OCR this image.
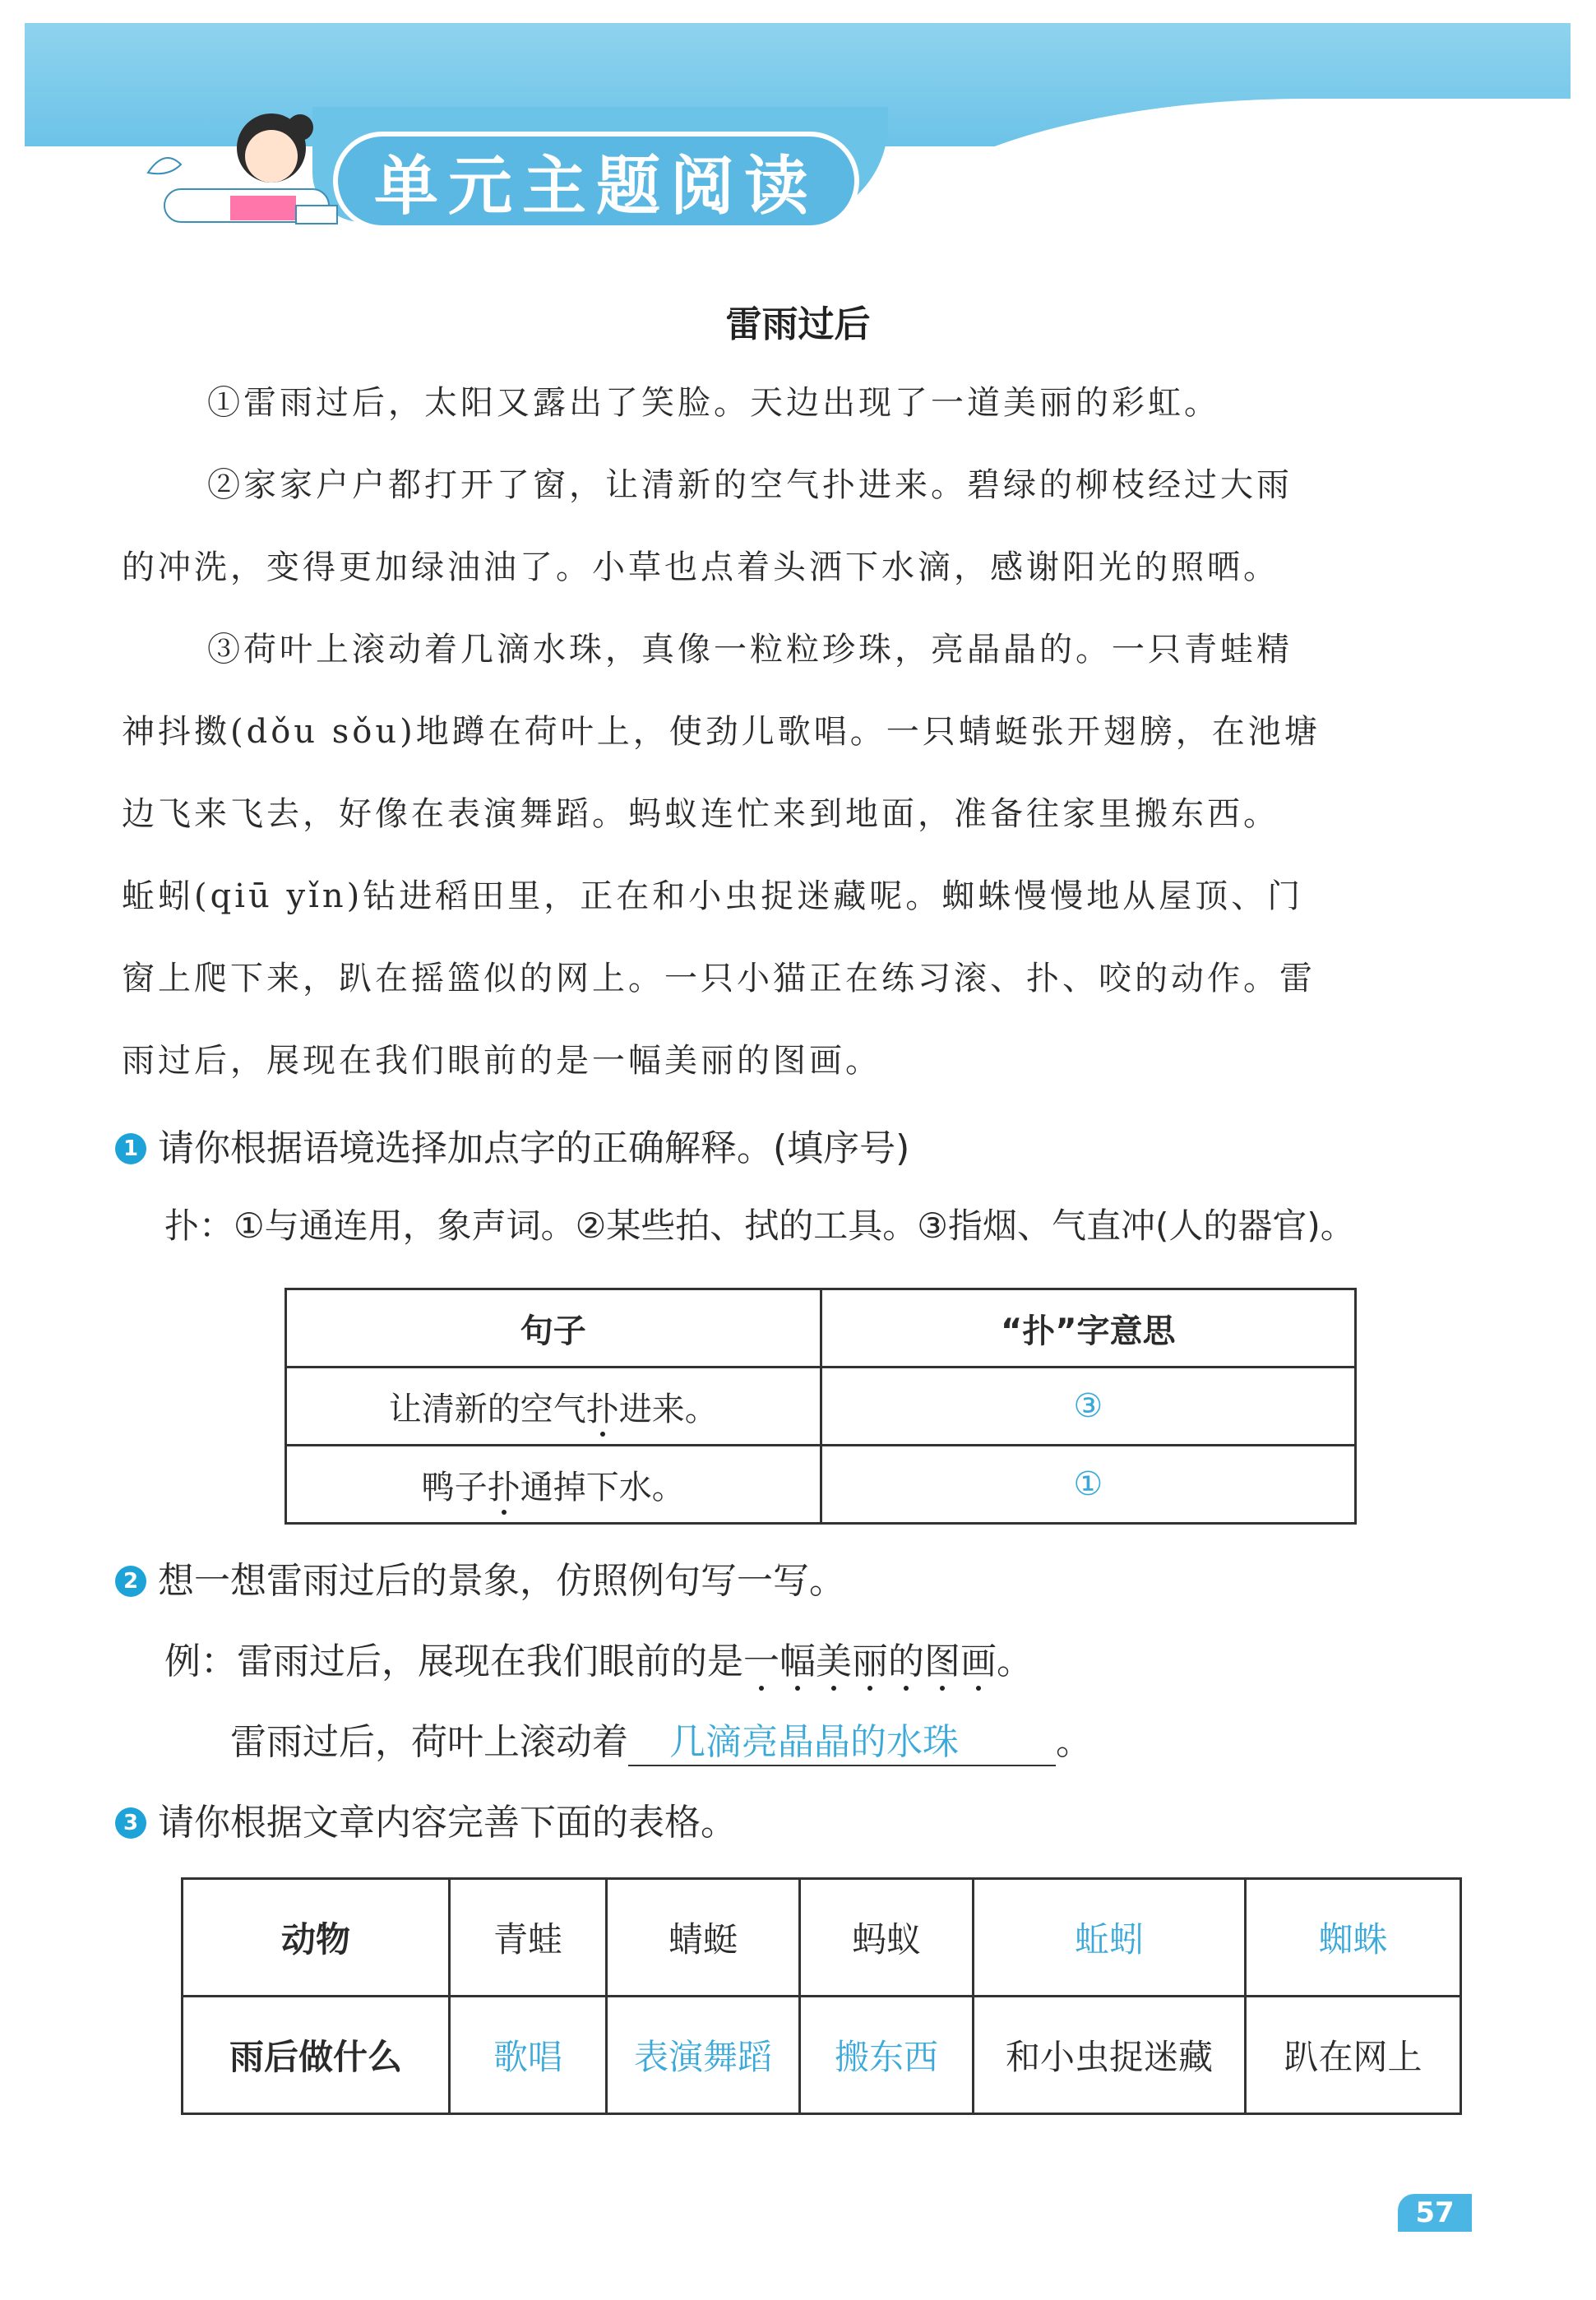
单元主题阅读
雷雨过后
①雷雨过后，太阳又露出了笑脸。天边出现了一道美丽的彩虹。
②家家户户都打开了窗，让清新的空气扑进来。碧绿的柳枝经过大雨
的冲洗，变得更加绿油油了。小草也点着头洒下水滴，感谢阳光的照晒。
③荷叶上滚动着几滴水珠，真像一粒粒珍珠，亮晶晶的。一只青蛙精
神抖擞(dǒu sǒu)地蹲在荷叶上，使劲儿歌唱。一只蜻蜓张开翅膀，在池塘
边飞来飞去，好像在表演舞蹈。蚂蚁连忙来到地面，准备往家里搬东西。
蚯蚓(qiū yǐn)钻进稻田里，正在和小虫捉迷藏呢。蜘蛛慢慢地从屋顶、门
窗上爬下来，趴在摇篮似的网上。一只小猫正在练习滚、扑、咬的动作。雷
雨过后，展现在我们眼前的是一幅美丽的图画。
1 请你根据语境选择加点字的正确解释。(填序号)
扑：①与通连用，象声词。②某些拍、拭的工具。③指烟、气直冲(人的器官)。
句子	“扑”字意思
让清新的空气扑进来。	③
鸭子扑通掉下水。	①
2 想一想雷雨过后的景象，仿照例句写一写。
例：雷雨过后，展现在我们眼前的是一幅美丽的图画。
雷雨过后，荷叶上滚动着 几滴亮晶晶的水珠	。
3 请你根据文章内容完善下面的表格。
动物	青蛙	蜻蜓	蚂蚁	蚯蚓	蜘蛛
雨后做什么	歌唱	表演舞蹈	搬东西	和小虫捉迷藏	趴在网上
57
